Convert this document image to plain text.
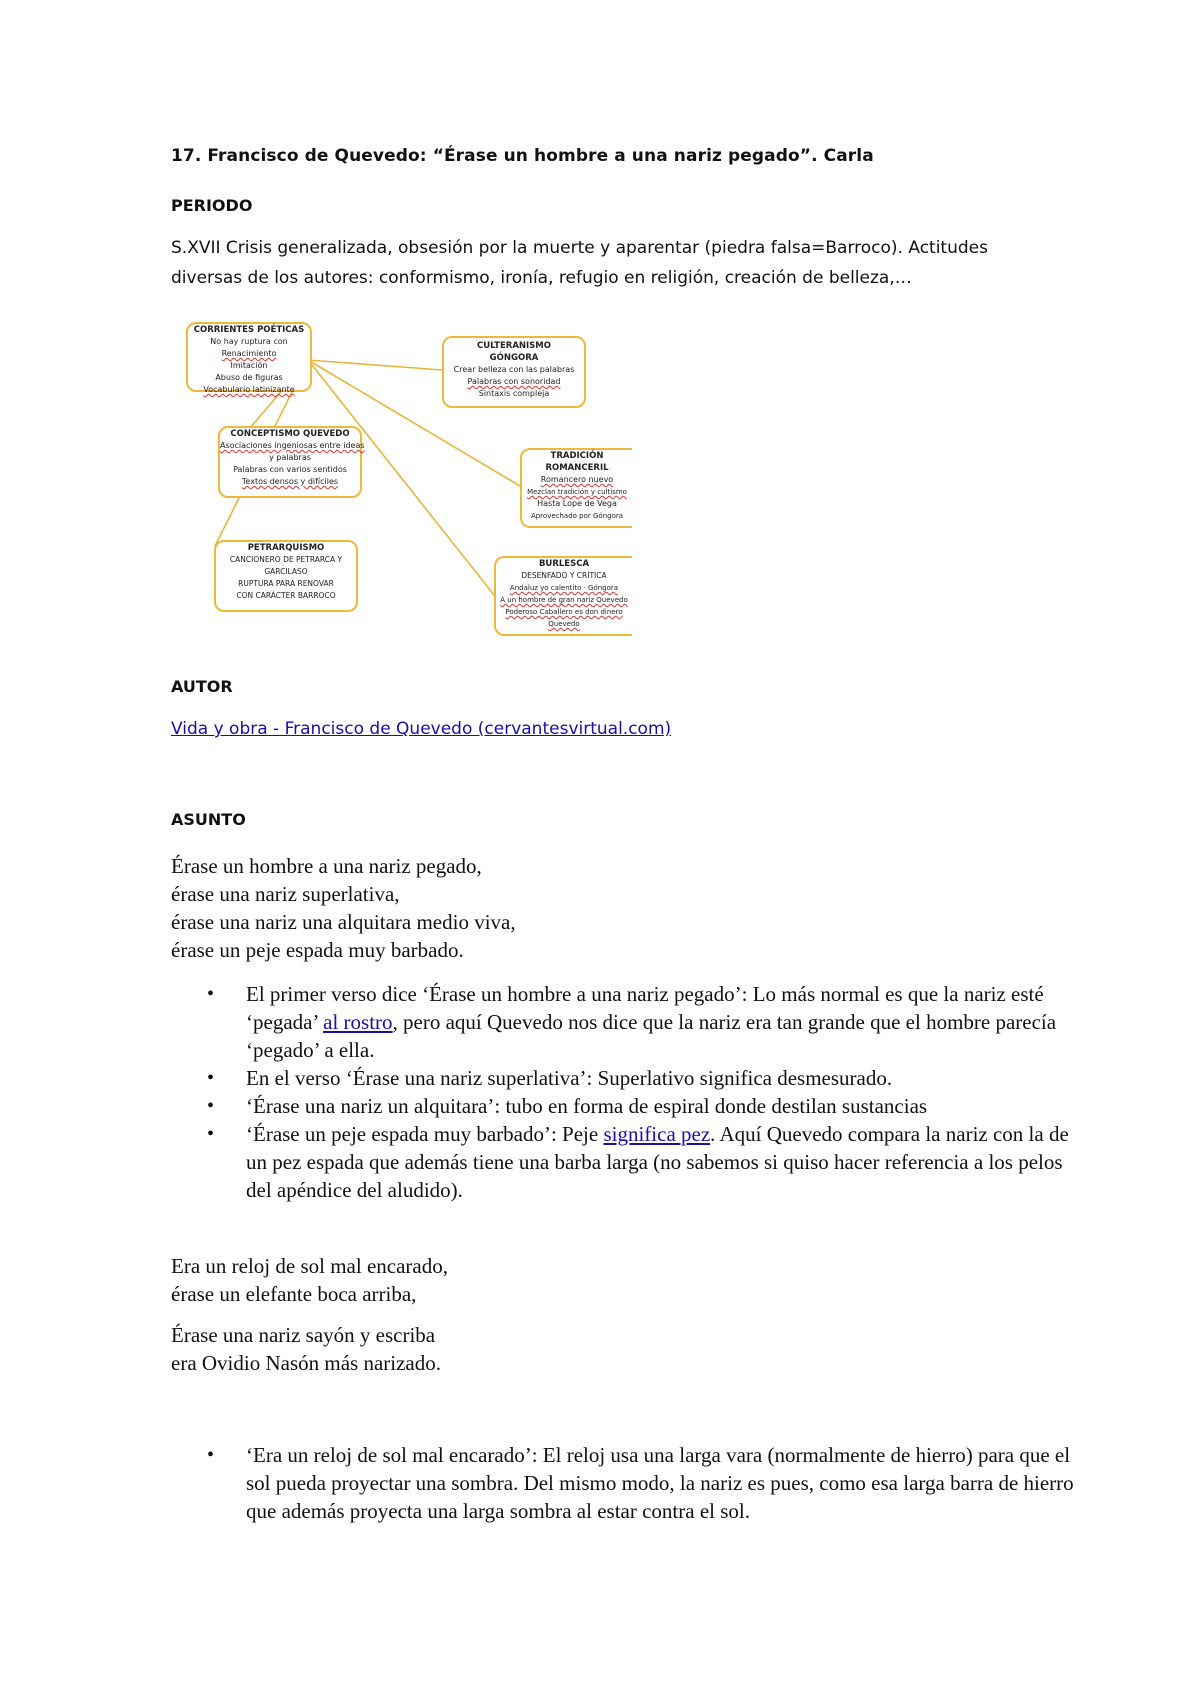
17. Francisco de Quevedo: “Érase un hombre a una nariz pegado”. Carla
PERIODO
S.XVII Crisis generalizada, obsesión por la muerte y aparentar (piedra falsa=Barroco). Actitudes diversas de los autores: conformismo, ironía, refugio en religión, creación de belleza,…
CORRIENTES POÉTICAS
No hay ruptura con
Renacimiento
Imitación
Abuso de figuras
Vocabulario latinizante
CULTERANISMO
GÓNGORA
Crear belleza con las palabras
Palabras con sonoridad
Sintaxis compleja
CONCEPTISMO QUEVEDO
Asociaciones ingeniosas entre ideas
y palabras
Palabras con varios sentidos
Textos densos y difíciles
TRADICIÓN
ROMANCERIL
Romancero nuevo
Mezclan tradición y cultismo
Hasta Lope de Vega
Aprovechado por Góngora
PETRARQUISMO
CANCIONERO DE PETRARCA Y
GARCILASO
RUPTURA PARA RENOVAR
CON CARÁCTER BARROCO
BURLESCA
DESENFADO Y CRÍTICA
Andaluz yo calentito · Góngora
A un hombre de gran nariz Quevedo
Poderoso Caballero es don dinero
Quevedo
AUTOR
Vida y obra - Francisco de Quevedo (cervantesvirtual.com)
ASUNTO
Érase un hombre a una nariz pegado,
érase una nariz superlativa,
érase una nariz una alquitara medio viva,
érase un peje espada muy barbado.
• El primer verso dice ‘Érase un hombre a una nariz pegado’: Lo más normal es que la nariz esté ‘pegada’ al rostro, pero aquí Quevedo nos dice que la nariz era tan grande que el hombre parecía ‘pegado’ a ella.
• En el verso ‘Érase una nariz superlativa’: Superlativo significa desmesurado.
• ‘Érase una nariz un alquitara’: tubo en forma de espiral donde destilan sustancias
• ‘Érase un peje espada muy barbado’: Peje significa pez. Aquí Quevedo compara la nariz con la de un pez espada que además tiene una barba larga (no sabemos si quiso hacer referencia a los pelos del apéndice del aludido).
Era un reloj de sol mal encarado,
érase un elefante boca arriba,
Érase una nariz sayón y escriba
era Ovidio Nasón más narizado.
• ‘Era un reloj de sol mal encarado’: El reloj usa una larga vara (normalmente de hierro) para que el sol pueda proyectar una sombra. Del mismo modo, la nariz es pues, como esa larga barra de hierro que además proyecta una larga sombra al estar contra el sol.
